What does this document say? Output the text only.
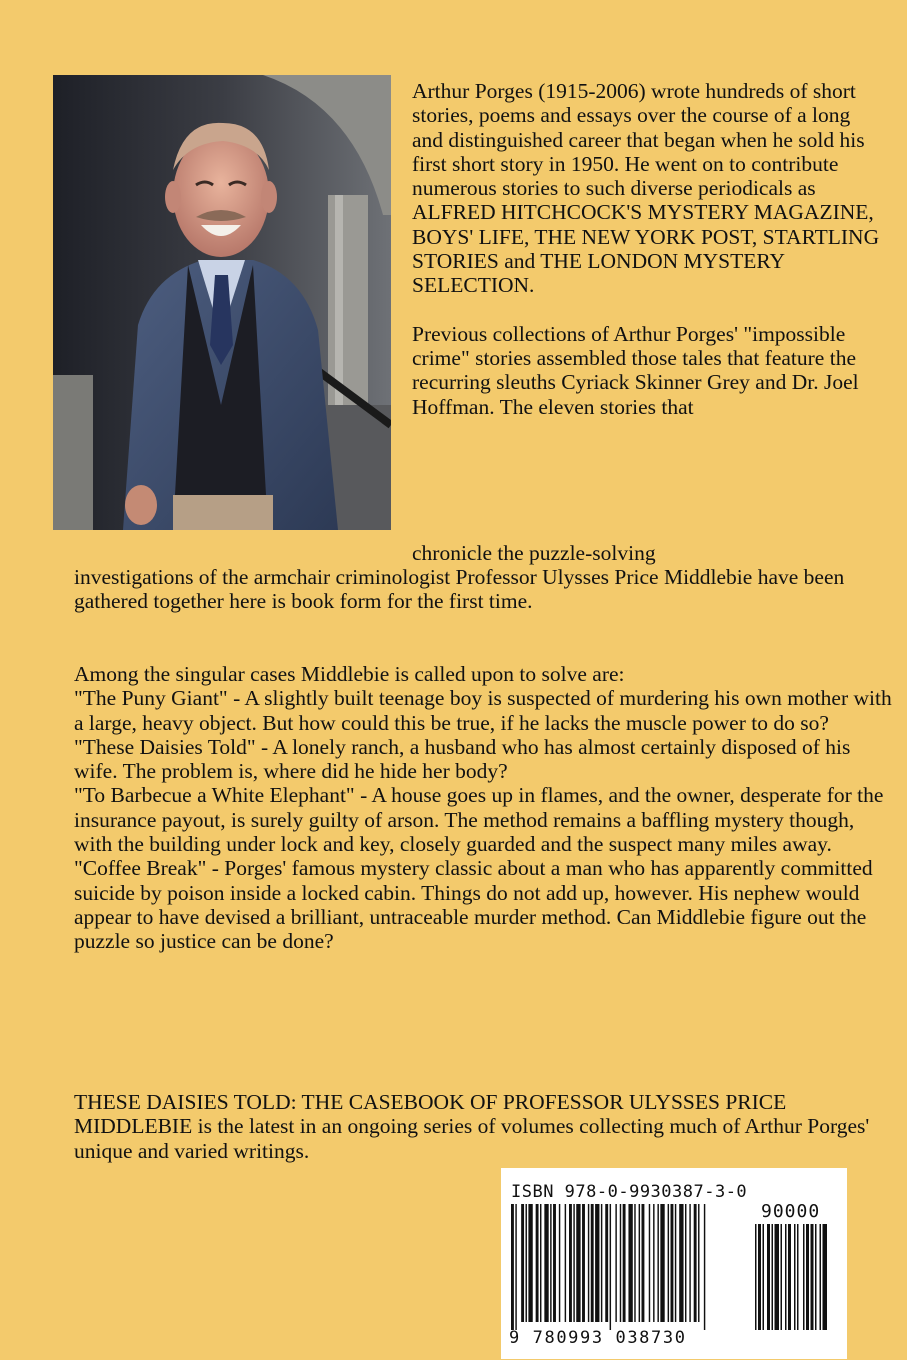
Arthur Porges (1915-2006) wrote hundreds of short stories, poems and essays over the course of a long and distinguished career that began when he sold his first short story in 1950. He went on to contribute numerous stories to such diverse periodicals as ALFRED HITCHCOCK'S MYSTERY MAGAZINE, BOYS' LIFE, THE NEW YORK POST, STARTLING STORIES and THE LONDON MYSTERY SELECTION.

Previous collections of Arthur Porges' "impossible crime" stories assembled those tales that feature the recurring sleuths Cyriack Skinner Grey and Dr. Joel Hoffman. The eleven stories that

chronicle the puzzle-solving

investigations of the armchair criminologist Professor Ulysses Price Middlebie have been gathered together here is book form for the first time.

Among the singular cases Middlebie is called upon to solve are:

"The Puny Giant" - A slightly built teenage boy is suspected of murdering his own mother with a large, heavy object. But how could this be true, if he lacks the muscle power to do so?

"These Daisies Told" - A lonely ranch, a husband who has almost certainly disposed of his wife. The problem is, where did he hide her body?

"To Barbecue a White Elephant" - A house goes up in flames, and the owner, desperate for the insurance payout, is surely guilty of arson. The method remains a baffling mystery though, with the building under lock and key, closely guarded and the suspect many miles away.

"Coffee Break" - Porges' famous mystery classic about a man who has apparently committed suicide by poison inside a locked cabin. Things do not add up, however. His nephew would appear to have devised a brilliant, untraceable murder method. Can Middlebie figure out the puzzle so justice can be done?

THESE DAISIES TOLD: THE CASEBOOK OF PROFESSOR ULYSSES PRICE MIDDLEBIE is the latest in an ongoing series of volumes collecting much of Arthur Porges' unique and varied writings.

ISBN 978-0-9930387-3-0
90000
9 780993 038730
